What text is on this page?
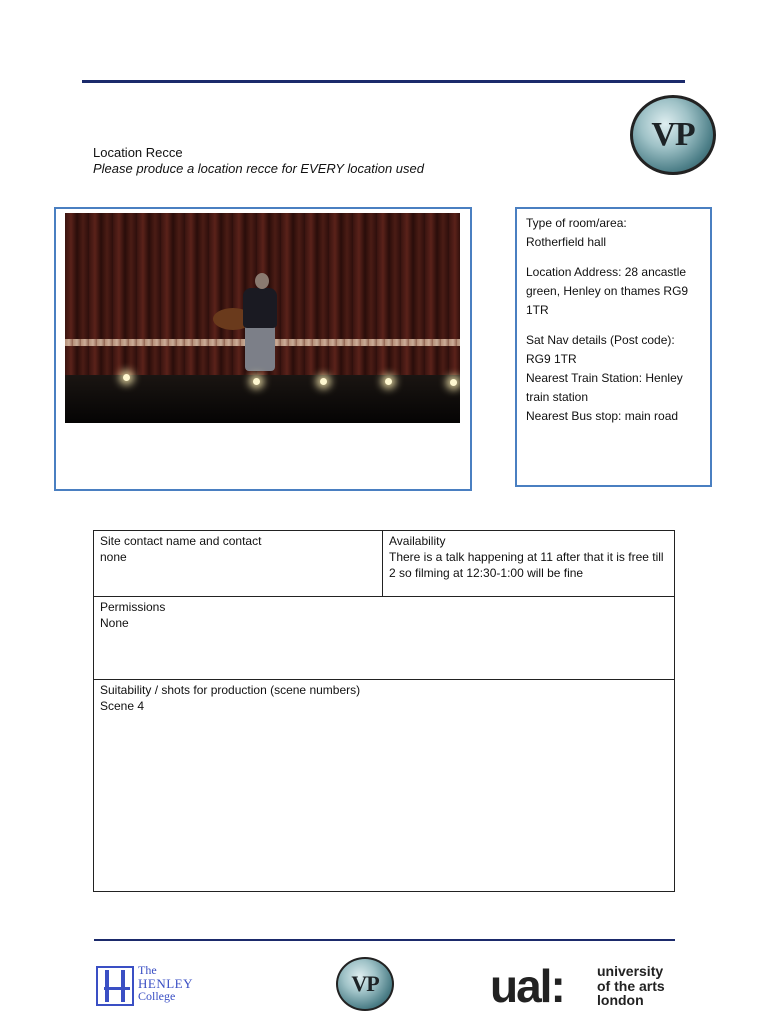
VP
Location Recce
Please produce a location recce for EVERY location used

Type of room/area:

Rotherfield hall

Location Address: 28 ancastle green, Henley on thames RG9 1TR

Sat Nav details (Post code):

RG9 1TR

Nearest Train Station: Henley train station

Nearest Bus stop: main road

Site contact name and contact
none
Availability
There is a talk happening at 11 after that it is free till 2 so filming at 12:30-1:00 will be fine
Permissions
None
Suitability / shots for production (scene numbers)
Scene 4
The
HENLEY
College	VP ual: university
of the arts
london
